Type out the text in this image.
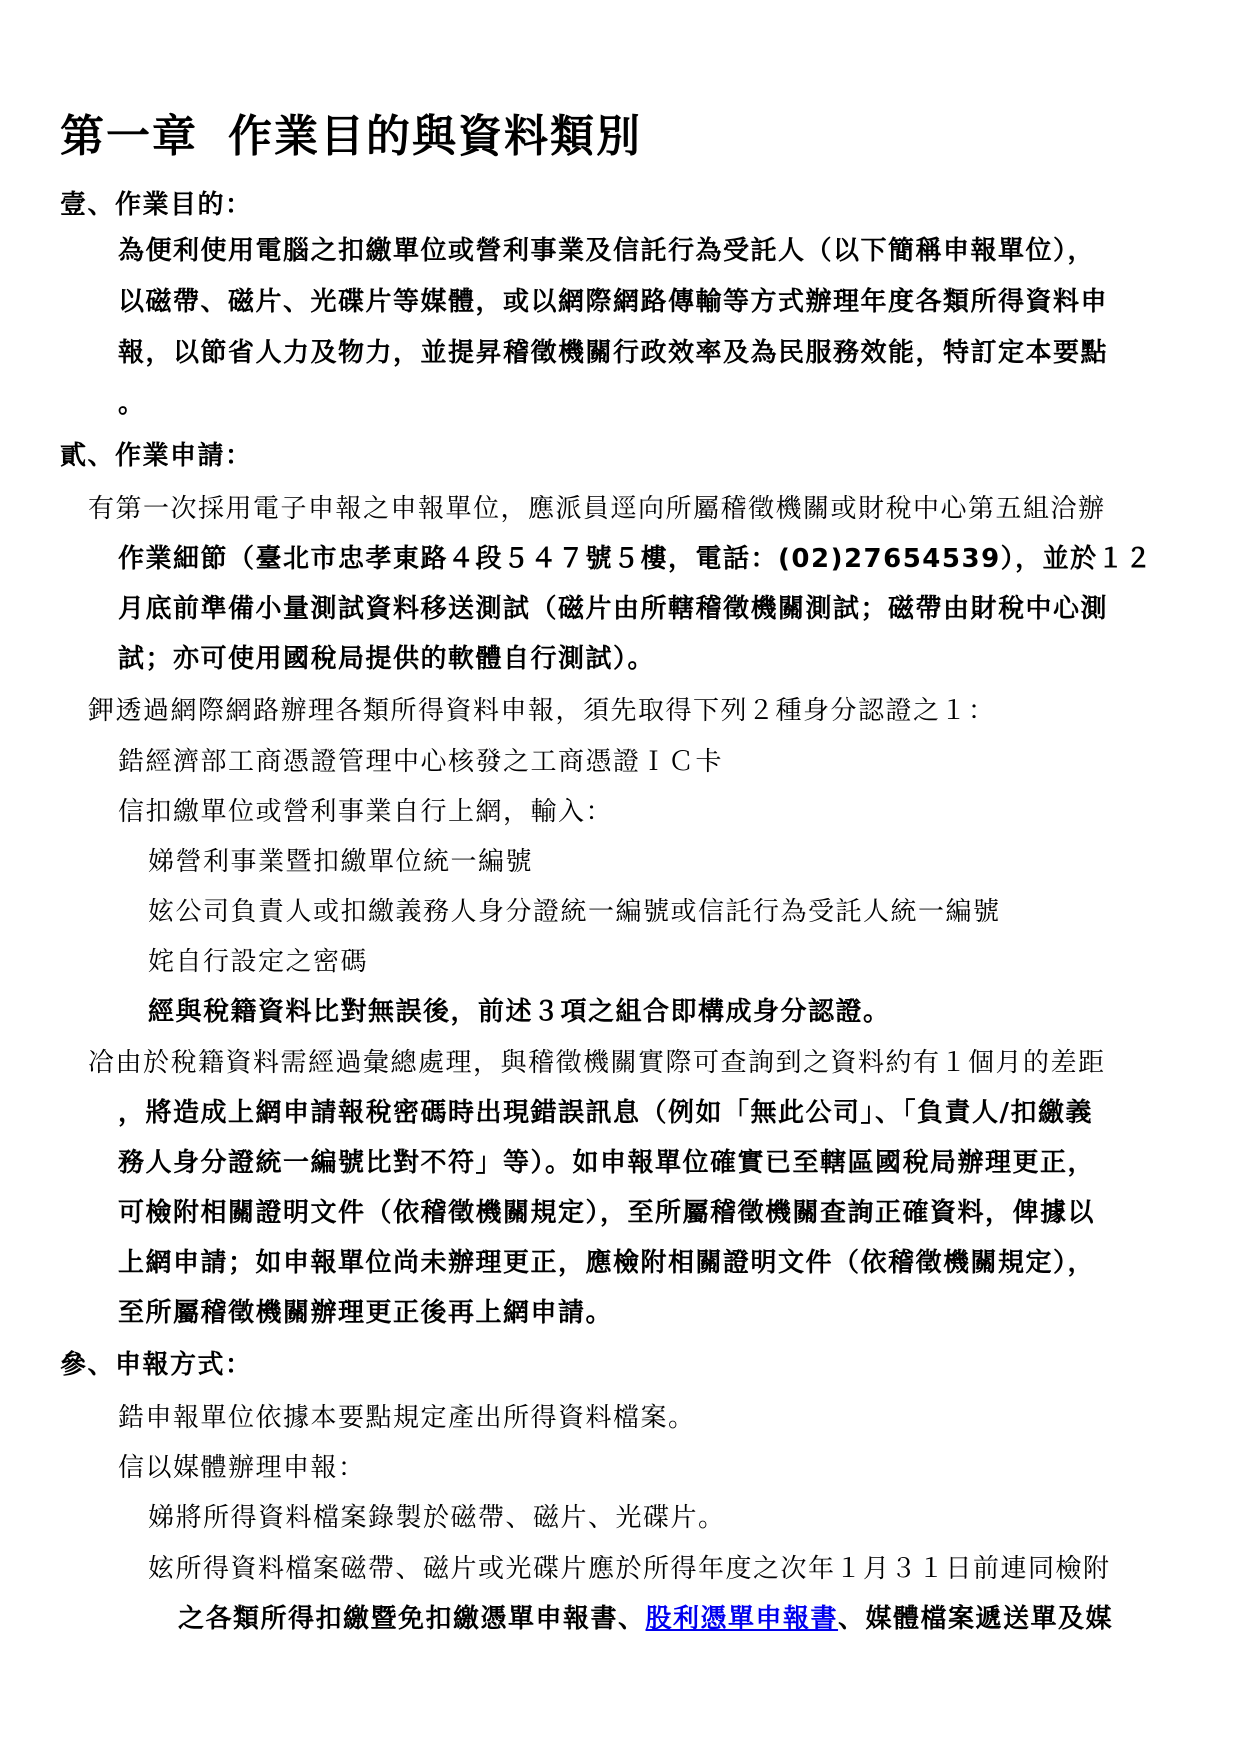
第一章 作業目的與資料類別
壹、作業目的：
為便利使用電腦之扣繳單位或營利事業及信託行為受託人（以下簡稱申報單位），
以磁帶、磁片、光碟片等媒體，或以網際網路傳輸等方式辦理年度各類所得資料申
報，以節省人力及物力，並提昇稽徵機關行政效率及為民服務效能，特訂定本要點
。
貳、作業申請：
有第一次採用電子申報之申報單位，應派員逕向所屬稽徵機關或財稅中心第五組洽辦
作業細節（臺北市忠孝東路４段５４７號５樓，電話：(02)27654539），並於１２
月底前準備小量測試資料移送測試（磁片由所轄稽徵機關測試；磁帶由財稅中心測
試；亦可使用國稅局提供的軟體自行測試）。
鉀透過網際網路辦理各類所得資料申報，須先取得下列２種身分認證之１：
鋯經濟部工商憑證管理中心核發之工商憑證ＩＣ卡
信扣繳單位或營利事業自行上網，輸入：
娣營利事業暨扣繳單位統一編號
妶公司負責人或扣繳義務人身分證統一編號或信託行為受託人統一編號
姹自行設定之密碼
經與稅籍資料比對無誤後，前述３項之組合即構成身分認證。
冾由於稅籍資料需經過彙總處理，與稽徵機關實際可查詢到之資料約有１個月的差距
，將造成上網申請報稅密碼時出現錯誤訊息（例如「無此公司」、「負責人/扣繳義
務人身分證統一編號比對不符」等）。如申報單位確實已至轄區國稅局辦理更正，
可檢附相關證明文件（依稽徵機關規定），至所屬稽徵機關查詢正確資料，俾據以
上網申請；如申報單位尚未辦理更正，應檢附相關證明文件（依稽徵機關規定），
至所屬稽徵機關辦理更正後再上網申請。
參、申報方式：
鋯申報單位依據本要點規定產出所得資料檔案。
信以媒體辦理申報：
娣將所得資料檔案錄製於磁帶、磁片、光碟片。
妶所得資料檔案磁帶、磁片或光碟片應於所得年度之次年１月３１日前連同檢附
之各類所得扣繳暨免扣繳憑單申報書、股利憑單申報書、媒體檔案遞送單及媒
